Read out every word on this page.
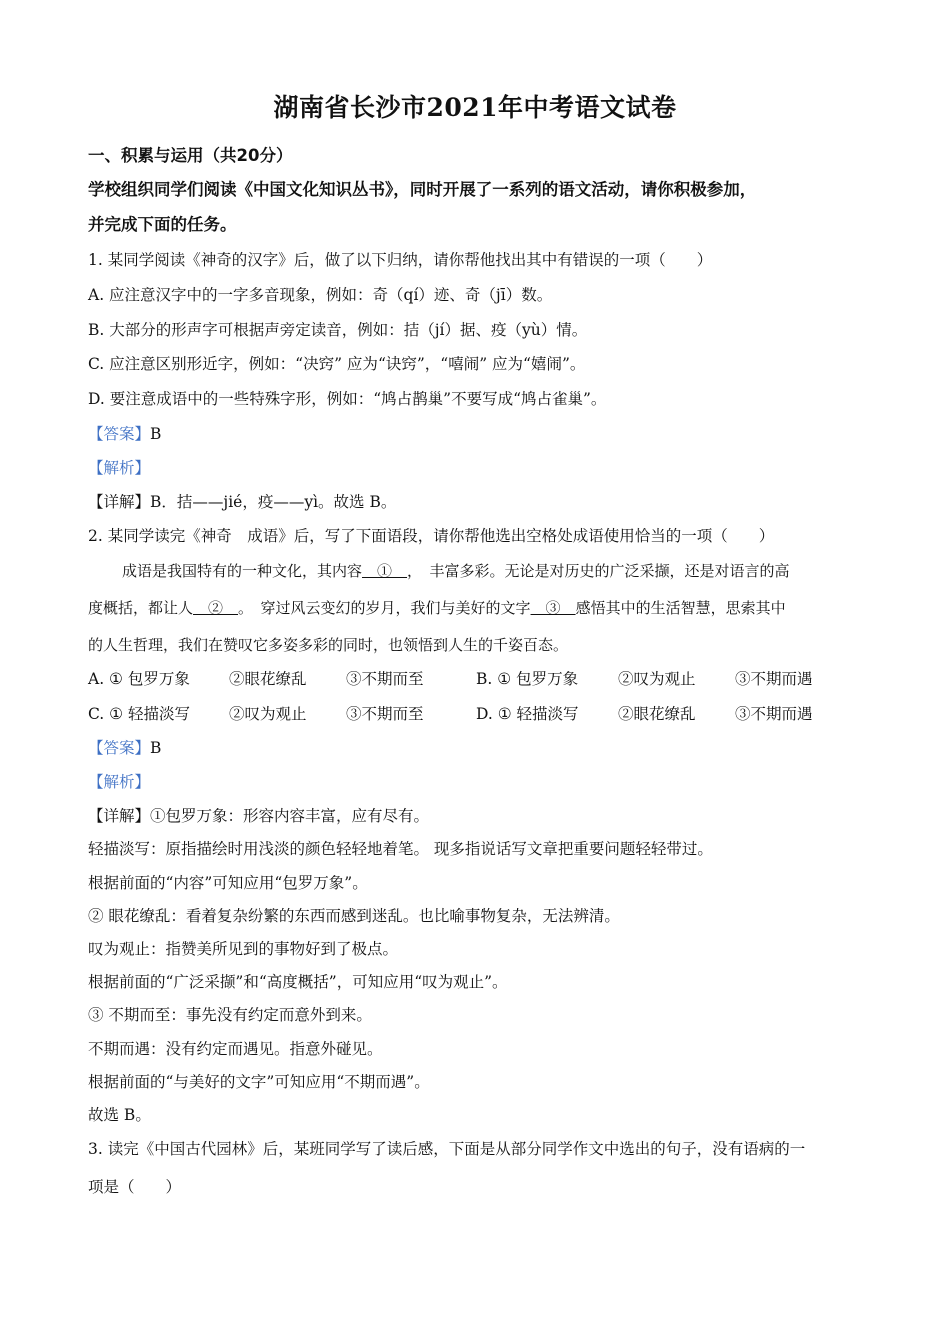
湖南省长沙市2021年中考语文试卷
一、积累与运用（共20分）
学校组织同学们阅读《中国文化知识丛书》，同时开展了一系列的语文活动，请你积极参加，
并完成下面的任务。
1. 某同学阅读《神奇的汉字》后，做了以下归纳，请你帮他找出其中有错误的一项（　　）
A. 应注意汉字中的一字多音现象，例如：奇（qí）迹、奇（jī）数。
B. 大部分的形声字可根据声旁定读音，例如：拮（jí）据、疫（yù）情。
C. 应注意区别形近字，例如：“决窍” 应为“诀窍”，“嘻闹” 应为“嬉闹”。
D. 要注意成语中的一些特殊字形，例如：“鸠占鹊巢”不要写成“鸠占雀巢”。
【答案】B
【解析】
【详解】B．拮——jié，疫——yì。故选 B。
2. 某同学读完《神奇　成语》后，写了下面语段，请你帮他选出空格处成语使用恰当的一项（　　）
成语是我国特有的一种文化，其内容　①　，　丰富多彩。无论是对历史的广泛采撷，还是对语言的高
度概括，都让人　②　。　穿过风云变幻的岁月，我们与美好的文字　③　感悟其中的生活智慧，思索其中
的人生哲理，我们在赞叹它多姿多彩的同时，也领悟到人生的千姿百态。
A. ① 包罗万象	②眼花缭乱	③不期而至	B. ① 包罗万象	②叹为观止	③不期而遇
C. ① 轻描淡写	②叹为观止	③不期而至	D. ① 轻描淡写	②眼花缭乱	③不期而遇
【答案】B
【解析】
【详解】①包罗万象：形容内容丰富，应有尽有。
轻描淡写：原指描绘时用浅淡的颜色轻轻地着笔。 现多指说话写文章把重要问题轻轻带过。
根据前面的“内容”可知应用“包罗万象”。
② 眼花缭乱：看着复杂纷繁的东西而感到迷乱。也比喻事物复杂，无法辨清。
叹为观止：指赞美所见到的事物好到了极点。
根据前面的“广泛采撷”和“高度概括”，可知应用“叹为观止”。
③ 不期而至：事先没有约定而意外到来。
不期而遇：没有约定而遇见。指意外碰见。
根据前面的“与美好的文字”可知应用“不期而遇”。
故选 B。
3. 读完《中国古代园林》后，某班同学写了读后感，下面是从部分同学作文中选出的句子，没有语病的一
项是（　　）
